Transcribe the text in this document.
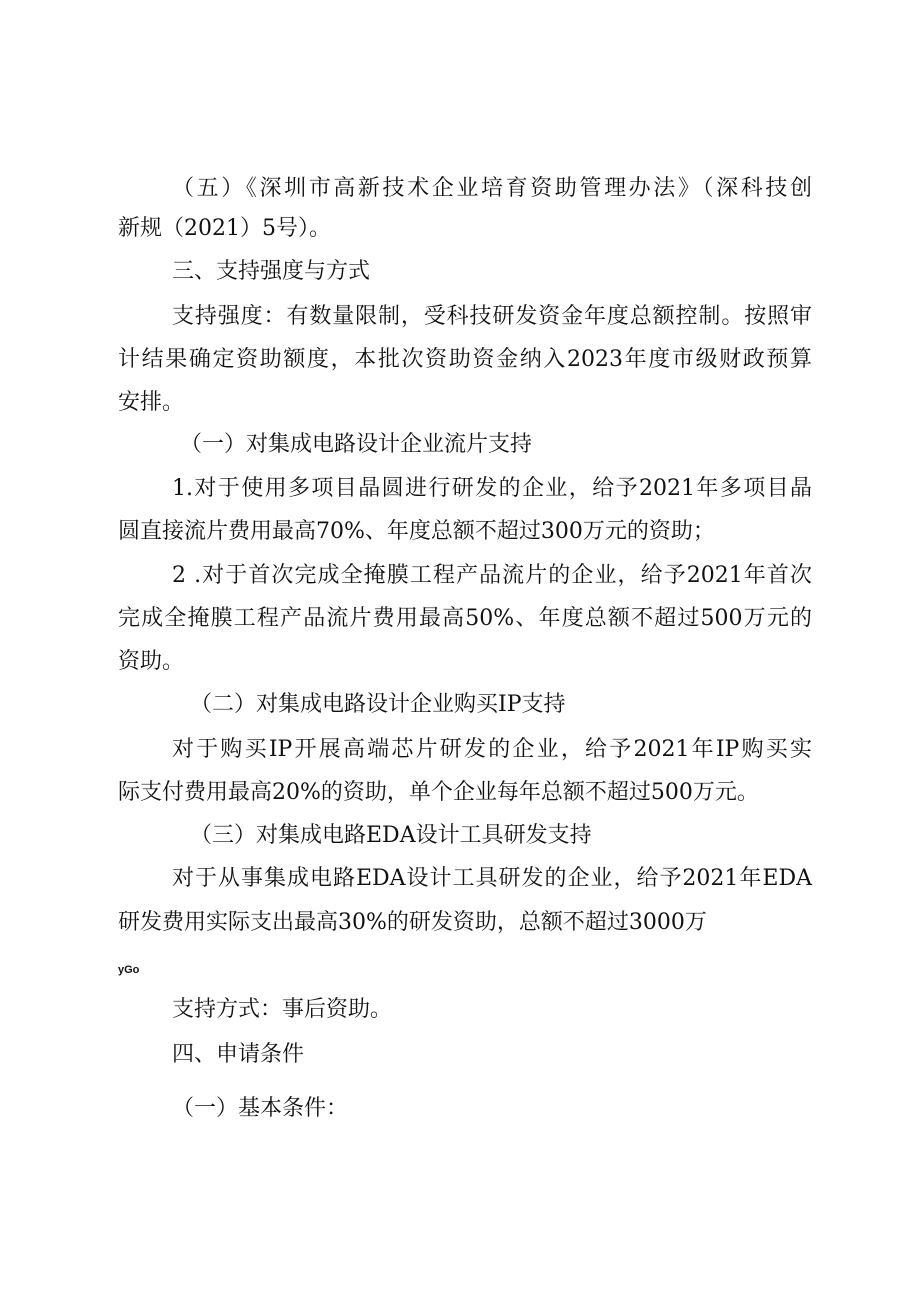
（五）《深圳市高新技术企业培育资助管理办法》（深科技创
新规（2021）5号）。
三、支持强度与方式
支持强度：有数量限制，受科技研发资金年度总额控制。按照审
计结果确定资助额度，本批次资助资金纳入2023年度市级财政预算
安排。
（一）对集成电路设计企业流片支持
1.对于使用多项目晶圆进行研发的企业，给予2021年多项目晶
圆直接流片费用最高70%、年度总额不超过300万元的资助；
2 .对于首次完成全掩膜工程产品流片的企业，给予2021年首次
完成全掩膜工程产品流片费用最高50%、年度总额不超过500万元的
资助。
（二）对集成电路设计企业购买IP支持
对于购买IP开展高端芯片研发的企业，给予2021年IP购买实
际支付费用最高20%的资助，单个企业每年总额不超过500万元。
（三）对集成电路EDA设计工具研发支持
对于从事集成电路EDA设计工具研发的企业，给予2021年EDA
研发费用实际支出最高30%的研发资助，总额不超过3000万
yGo
支持方式：事后资助。
四、申请条件
（一）基本条件：
